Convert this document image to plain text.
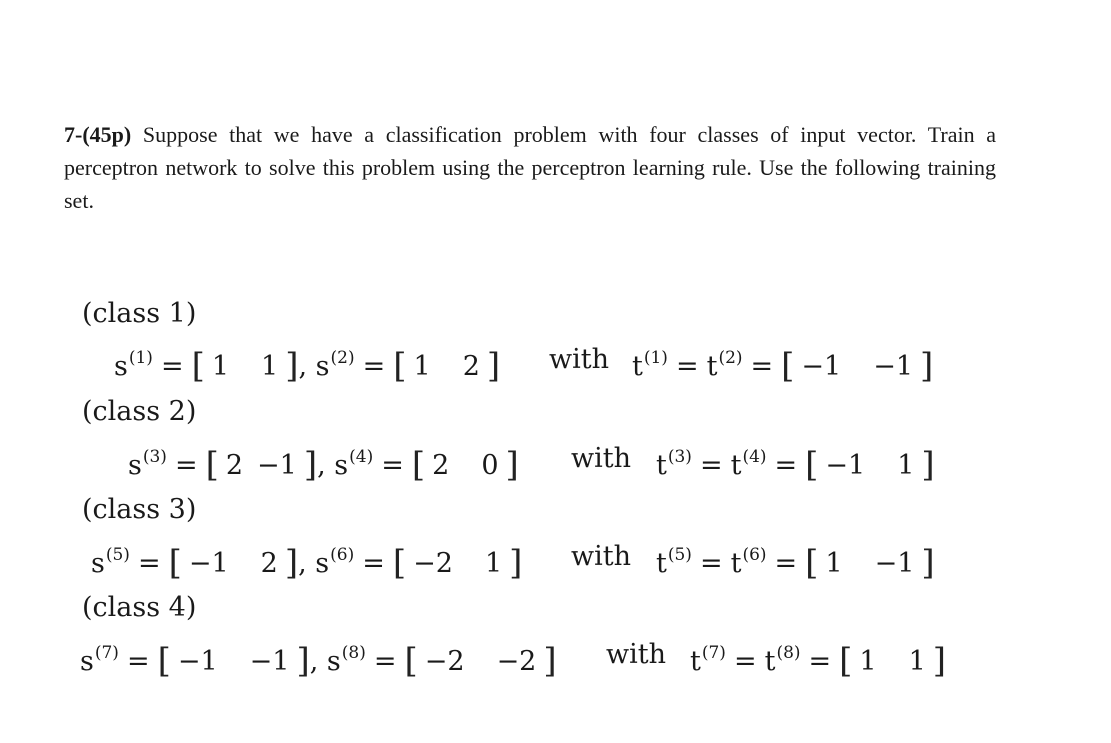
7-(45p) Suppose that we have a classification problem with four classes of input vector. Train a perceptron network to solve this problem using the perceptron learning rule. Use the following training set.
(class 1)
$s^{(1)}$ = [ 1 1 ], $s^{(2)}$ = [ 1 2 ] with $t^{(1)} = t^{(2)}$ = [ −1 −1 ]
(class 2)
$s^{(3)}$ = [ 2 −1 ], $s^{(4)}$ = [ 2 0 ] with $t^{(3)} = t^{(4)}$ = [ −1 1 ]
(class 3)
$s^{(5)}$ = [ −1 2 ], $s^{(6)}$ = [ −2 1 ] with $t^{(5)} = t^{(6)}$ = [ 1 −1 ]
(class 4)
$s^{(7)}$ = [ −1 −1 ], $s^{(8)}$ = [ −2 −2 ] with $t^{(7)} = t^{(8)}$ = [ 1 1 ]
